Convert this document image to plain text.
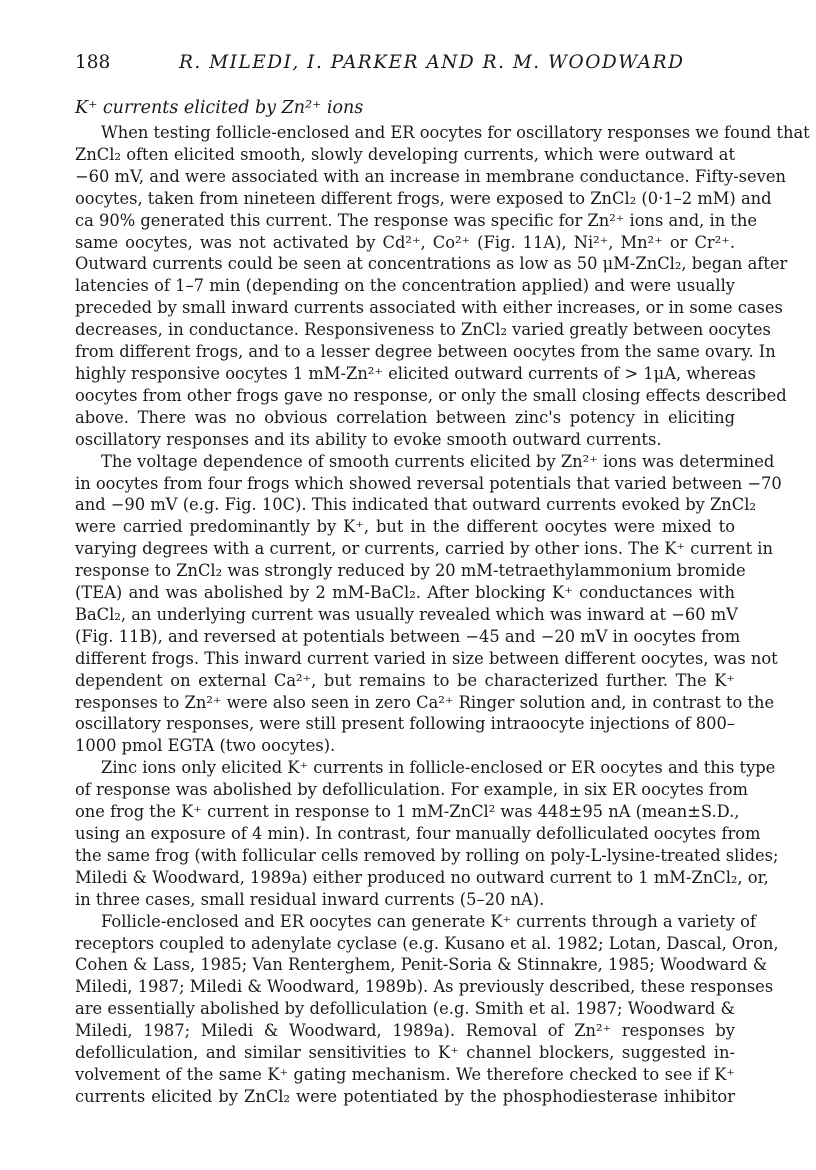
188	R. MILEDI, I. PARKER AND R. M. WOODWARD
K⁺ currents elicited by Zn²⁺ ions
When testing follicle-enclosed and ER oocytes for oscillatory responses we found that
ZnCl₂ often elicited smooth, slowly developing currents, which were outward at
−60 mV, and were associated with an increase in membrane conductance. Fifty-seven
oocytes, taken from nineteen different frogs, were exposed to ZnCl₂ (0·1–2 mM) and
ca 90% generated this current. The response was specific for Zn²⁺ ions and, in the
same oocytes, was not activated by Cd²⁺, Co²⁺ (Fig. 11A), Ni²⁺, Mn²⁺ or Cr²⁺.
Outward currents could be seen at concentrations as low as 50 μM-ZnCl₂, began after
latencies of 1–7 min (depending on the concentration applied) and were usually
preceded by small inward currents associated with either increases, or in some cases
decreases, in conductance. Responsiveness to ZnCl₂ varied greatly between oocytes
from different frogs, and to a lesser degree between oocytes from the same ovary. In
highly responsive oocytes 1 mM-Zn²⁺ elicited outward currents of > 1μA, whereas
oocytes from other frogs gave no response, or only the small closing effects described
above. There was no obvious correlation between zinc's potency in eliciting
oscillatory responses and its ability to evoke smooth outward currents.
The voltage dependence of smooth currents elicited by Zn²⁺ ions was determined
in oocytes from four frogs which showed reversal potentials that varied between −70
and −90 mV (e.g. Fig. 10C). This indicated that outward currents evoked by ZnCl₂
were carried predominantly by K⁺, but in the different oocytes were mixed to
varying degrees with a current, or currents, carried by other ions. The K⁺ current in
response to ZnCl₂ was strongly reduced by 20 mM-tetraethylammonium bromide
(TEA) and was abolished by 2 mM-BaCl₂. After blocking K⁺ conductances with
BaCl₂, an underlying current was usually revealed which was inward at −60 mV
(Fig. 11B), and reversed at potentials between −45 and −20 mV in oocytes from
different frogs. This inward current varied in size between different oocytes, was not
dependent on external Ca²⁺, but remains to be characterized further. The K⁺
responses to Zn²⁺ were also seen in zero Ca²⁺ Ringer solution and, in contrast to the
oscillatory responses, were still present following intraoocyte injections of 800–
1000 pmol EGTA (two oocytes).
Zinc ions only elicited K⁺ currents in follicle-enclosed or ER oocytes and this type
of response was abolished by defolliculation. For example, in six ER oocytes from
one frog the K⁺ current in response to 1 mM-ZnCl² was 448±95 nA (mean±S.D.,
using an exposure of 4 min). In contrast, four manually defolliculated oocytes from
the same frog (with follicular cells removed by rolling on poly-L-lysine-treated slides;
Miledi & Woodward, 1989a) either produced no outward current to 1 mM-ZnCl₂, or,
in three cases, small residual inward currents (5–20 nA).
Follicle-enclosed and ER oocytes can generate K⁺ currents through a variety of
receptors coupled to adenylate cyclase (e.g. Kusano et al. 1982; Lotan, Dascal, Oron,
Cohen & Lass, 1985; Van Renterghem, Penit-Soria & Stinnakre, 1985; Woodward &
Miledi, 1987; Miledi & Woodward, 1989b). As previously described, these responses
are essentially abolished by defolliculation (e.g. Smith et al. 1987; Woodward &
Miledi, 1987; Miledi & Woodward, 1989a). Removal of Zn²⁺ responses by
defolliculation, and similar sensitivities to K⁺ channel blockers, suggested in-
volvement of the same K⁺ gating mechanism. We therefore checked to see if K⁺
currents elicited by ZnCl₂ were potentiated by the phosphodiesterase inhibitor
